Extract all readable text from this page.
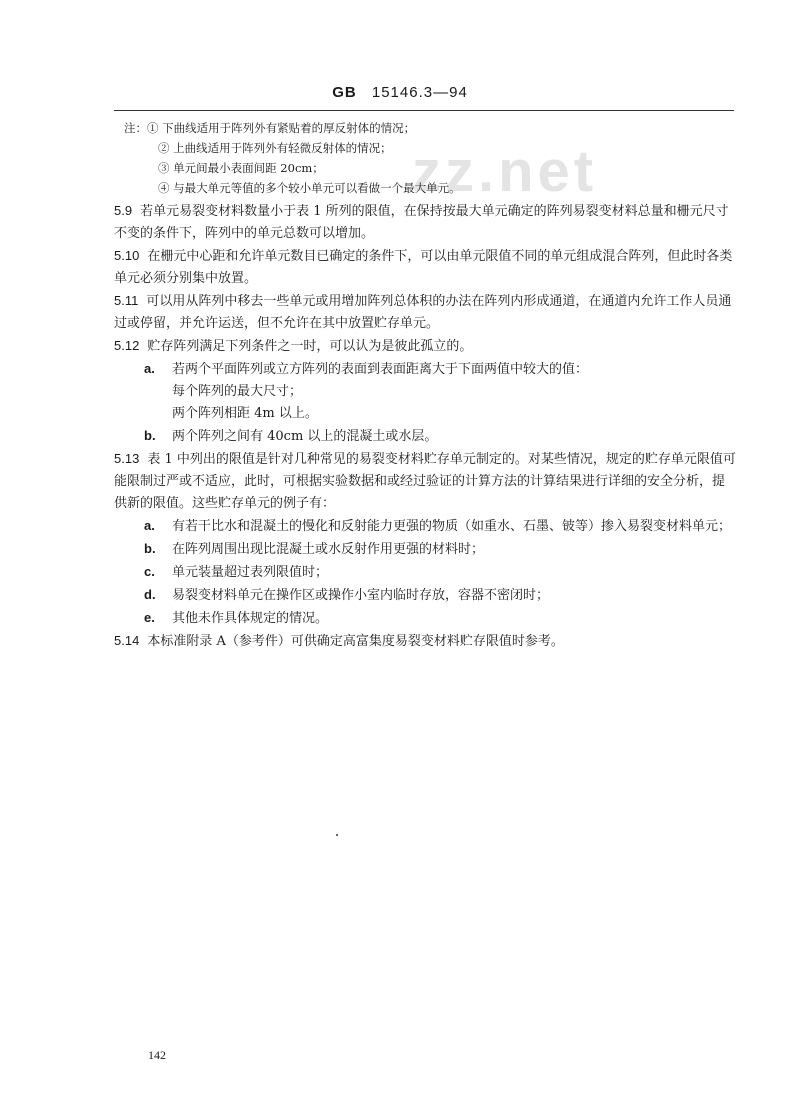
GB 15146.3—94
zz.net
注：① 下曲线适用于阵列外有紧贴着的厚反射体的情况；
② 上曲线适用于阵列外有轻微反射体的情况；
③ 单元间最小表面间距 20cm；
④ 与最大单元等值的多个较小单元可以看做一个最大单元。

5.9 若单元易裂变材料数量小于表 1 所列的限值，在保持按最大单元确定的阵列易裂变材料总量和栅元尺寸不变的条件下，阵列中的单元总数可以增加。

5.10 在栅元中心距和允许单元数目已确定的条件下，可以由单元限值不同的单元组成混合阵列，但此时各类单元必须分别集中放置。

5.11 可以用从阵列中移去一些单元或用增加阵列总体积的办法在阵列内形成通道，在通道内允许工作人员通过或停留，并允许运送，但不允许在其中放置贮存单元。

5.12 贮存阵列满足下列条件之一时，可以认为是彼此孤立的。

a. 若两个平面阵列或立方阵列的表面到表面距离大于下面两值中较大的值：
每个阵列的最大尺寸；
两个阵列相距 4m 以上。
b. 两个阵列之间有 40cm 以上的混凝土或水层。

5.13 表 1 中列出的限值是针对几种常见的易裂变材料贮存单元制定的。对某些情况，规定的贮存单元限值可能限制过严或不适应，此时，可根据实验数据和或经过验证的计算方法的计算结果进行详细的安全分析，提供新的限值。这些贮存单元的例子有：

a. 有若干比水和混凝土的慢化和反射能力更强的物质（如重水、石墨、铍等）掺入易裂变材料单元；
b. 在阵列周围出现比混凝土或水反射作用更强的材料时；
c. 单元装量超过表列限值时；
d. 易裂变材料单元在操作区或操作小室内临时存放，容器不密闭时；
e. 其他未作具体规定的情况。

5.14 本标准附录 A（参考件）可供确定高富集度易裂变材料贮存限值时参考。

142
